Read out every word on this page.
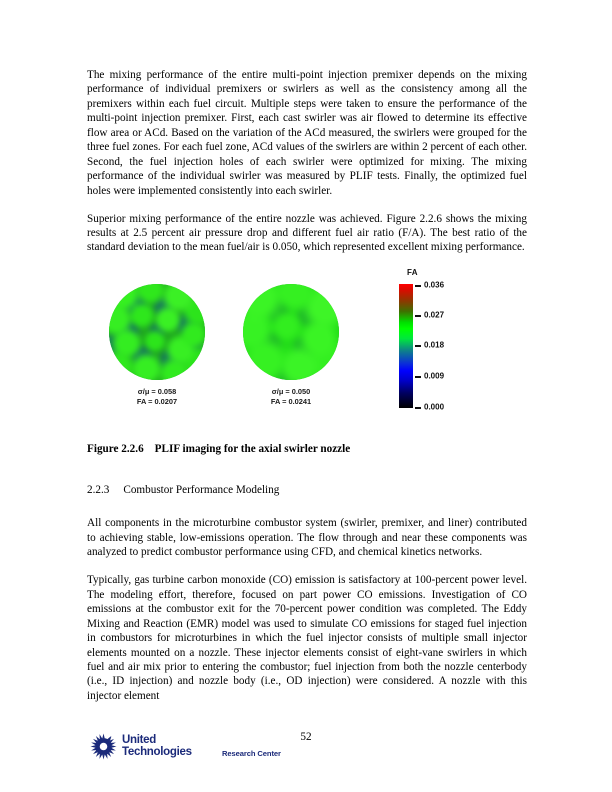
The mixing performance of the entire multi-point injection premixer depends on the mixing performance of individual premixers or swirlers as well as the consistency among all the premixers within each fuel circuit. Multiple steps were taken to ensure the performance of the multi-point injection premixer. First, each cast swirler was air flowed to determine its effective flow area or ACd. Based on the variation of the ACd measured, the swirlers were grouped for the three fuel zones. For each fuel zone, ACd values of the swirlers are within 2 percent of each other. Second, the fuel injection holes of each swirler were optimized for mixing. The mixing performance of the individual swirler was measured by PLIF tests. Finally, the optimized fuel holes were implemented consistently into each swirler.

Superior mixing performance of the entire nozzle was achieved. Figure 2.2.6 shows the mixing results at 2.5 percent air pressure drop and different fuel air ratio (F/A). The best ratio of the standard deviation to the mean fuel/air is 0.050, which represented excellent mixing performance.

σ/μ = 0.058
FA = 0.0207
σ/μ = 0.050
FA = 0.0241
FA
0.036
0.027
0.018
0.009
0.000
Figure 2.2.6 PLIF imaging for the axial swirler nozzle
2.2.3 Combustor Performance Modeling

All components in the microturbine combustor system (swirler, premixer, and liner) contributed to achieving stable, low-emissions operation. The flow through and near these components was analyzed to predict combustor performance using CFD, and chemical kinetics networks.

Typically, gas turbine carbon monoxide (CO) emission is satisfactory at 100-percent power level. The modeling effort, therefore, focused on part power CO emissions. Investigation of CO emissions at the combustor exit for the 70-percent power condition was completed. The Eddy Mixing and Reaction (EMR) model was used to simulate CO emissions for staged fuel injection in combustors for microturbines in which the fuel injector consists of multiple small injector elements mounted on a nozzle. These injector elements consist of eight-vane swirlers in which fuel and air mix prior to entering the combustor; fuel injection from both the nozzle centerbody (i.e., ID injection) and nozzle body (i.e., OD injection) were considered. A nozzle with this injector element

52
United
Technologies	Research Center
